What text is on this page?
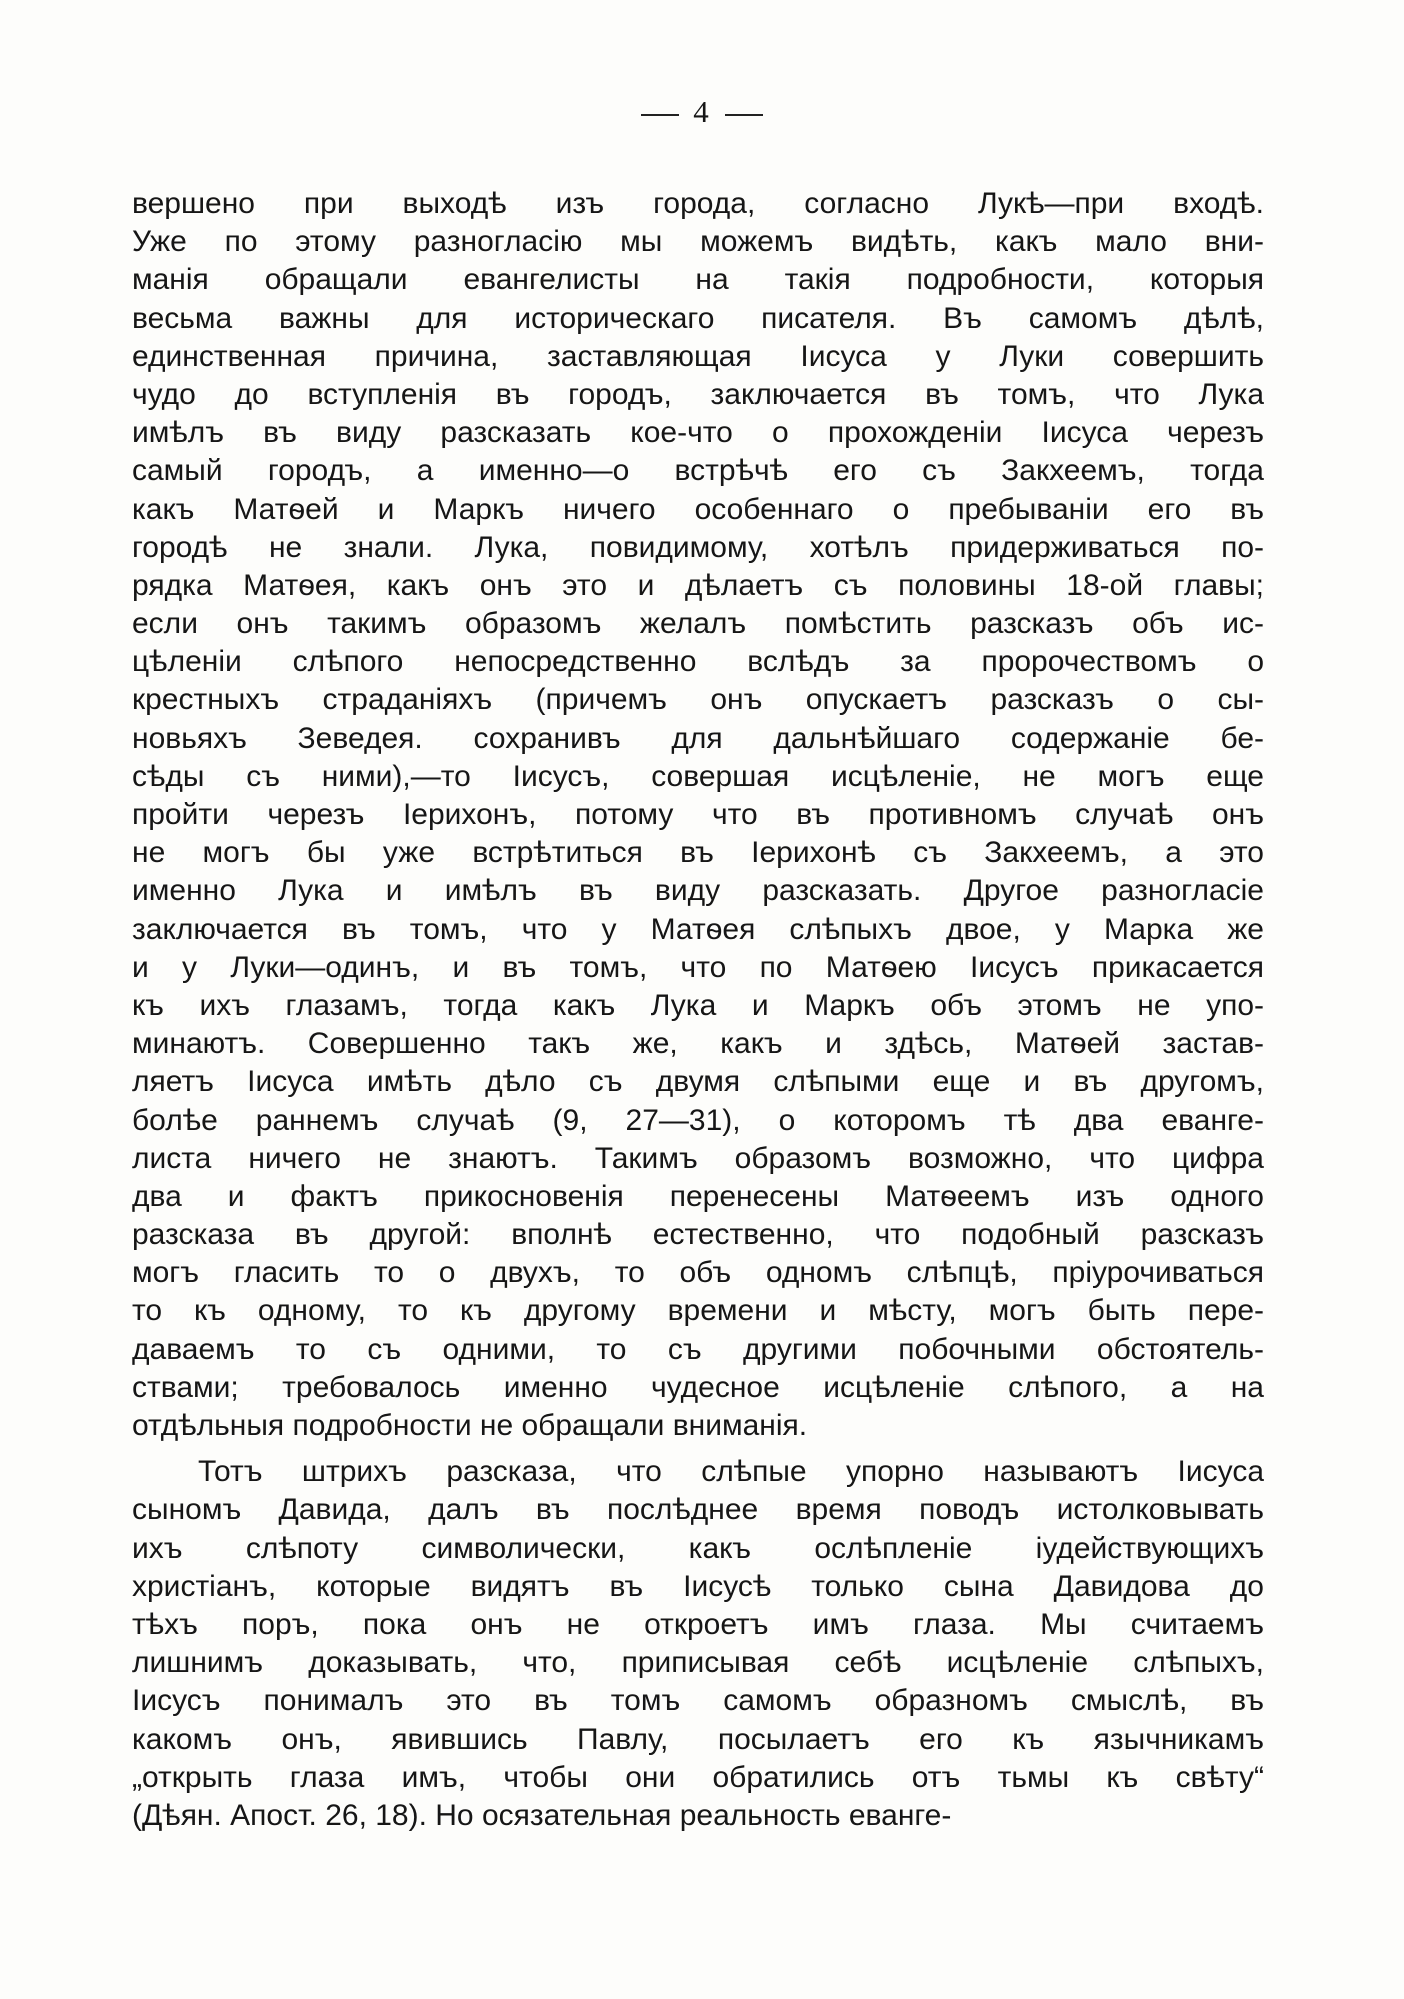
4
вершено при выходѣ изъ города, согласно Лукѣ—при входѣ.
Уже по этому разногласію мы можемъ видѣть, какъ мало вни-
манія обращали евангелисты на такія подробности, которыя
весьма важны для историческаго писателя. Въ самомъ дѣлѣ,
единственная причина, заставляющая Іисуса у Луки совершить
чудо до вступленія въ городъ, заключается въ томъ, что Лука
имѣлъ въ виду разсказать кое-что о прохожденіи Іисуса черезъ
самый городъ, а именно—о встрѣчѣ его съ Закхеемъ, тогда
какъ Матѳей и Маркъ ничего особеннаго о пребываніи его въ
городѣ не знали. Лука, повидимому, хотѣлъ придерживаться по-
рядка Матѳея, какъ онъ это и дѣлаетъ съ половины 18-ой главы;
если онъ такимъ образомъ желалъ помѣстить разсказъ объ ис-
цѣленіи слѣпого непосредственно вслѣдъ за пророчествомъ о
крестныхъ страданіяхъ (причемъ онъ опускаетъ разсказъ о сы-
новьяхъ Зеведея. сохранивъ для дальнѣйшаго содержаніе бе-
сѣды съ ними),—то Іисусъ, совершая исцѣленіе, не могъ еще
пройти черезъ Іерихонъ, потому что въ противномъ случаѣ онъ
не могъ бы уже встрѣтиться въ Іерихонѣ съ Закхеемъ, а это
именно Лука и имѣлъ въ виду разсказать. Другое разногласіе
заключается въ томъ, что у Матѳея слѣпыхъ двое, у Марка же
и у Луки—одинъ, и въ томъ, что по Матѳею Іисусъ прикасается
къ ихъ глазамъ, тогда какъ Лука и Маркъ объ этомъ не упо-
минаютъ. Совершенно такъ же, какъ и здѣсь, Матѳей застав-
ляетъ Іисуса имѣть дѣло съ двумя слѣпыми еще и въ другомъ,
болѣе раннемъ случаѣ (9, 27—31), о которомъ тѣ два еванге-
листа ничего не знаютъ. Такимъ образомъ возможно, что цифра
два и фактъ прикосновенія перенесены Матѳеемъ изъ одного
разсказа въ другой: вполнѣ естественно, что подобный разсказъ
могъ гласить то о двухъ, то объ одномъ слѣпцѣ, пріурочиваться
то къ одному, то къ другому времени и мѣсту, могъ быть пере-
даваемъ то съ одними, то съ другими побочными обстоятель-
ствами; требовалось именно чудесное исцѣленіе слѣпого, а на
отдѣльныя подробности не обращали вниманія.
Тотъ штрихъ разсказа, что слѣпые упорно называютъ Іисуса
сыномъ Давида, далъ въ послѣднее время поводъ истолковывать
ихъ слѣпоту символически, какъ ослѣпленіе іудействующихъ
христіанъ, которые видятъ въ Іисусѣ только сына Давидова до
тѣхъ поръ, пока онъ не откроетъ имъ глаза. Мы считаемъ
лишнимъ доказывать, что, приписывая себѣ исцѣленіе слѣпыхъ,
Іисусъ понималъ это въ томъ самомъ образномъ смыслѣ, въ
какомъ онъ, явившись Павлу, посылаетъ его къ язычникамъ
„открыть глаза имъ, чтобы они обратились отъ тьмы къ свѣту“
(Дѣян. Апост. 26, 18). Но осязательная реальность еванге-
